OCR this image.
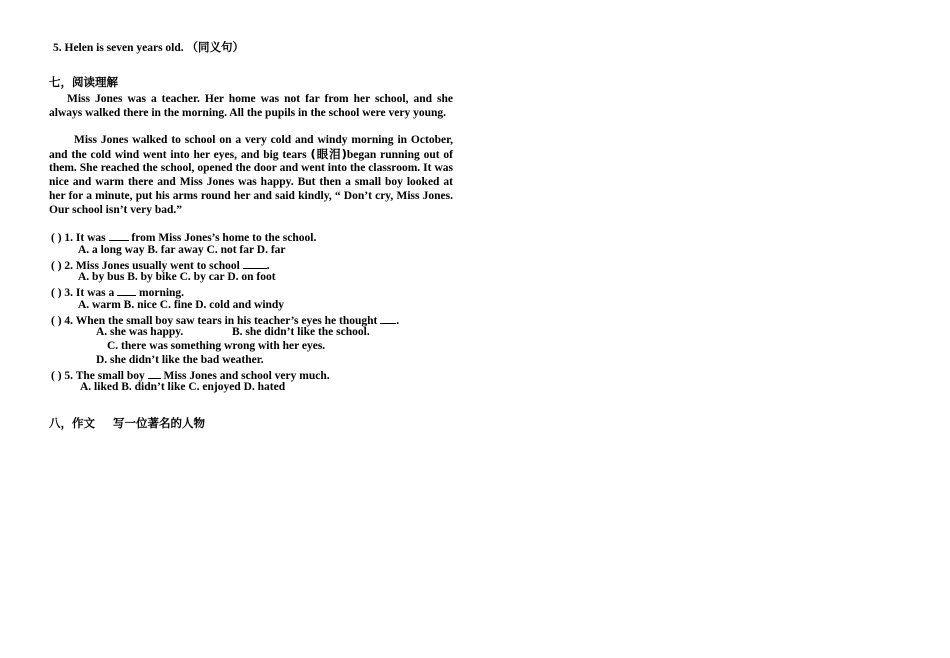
5. Helen is seven years old. （同义句）
七，阅读理解
Miss Jones was a teacher. Her home was not far from her school, and she always walked there in the morning. All the pupils in the school were very young.
Miss Jones walked to school on a very cold and windy morning in October, and the cold wind went into her eyes, and big tears (眼泪)began running out of them. She reached the school, opened the door and went into the classroom. It was nice and warm there and Miss Jones was happy. But then a small boy looked at her for a minute, put his arms round her and said kindly, “ Don’t cry, Miss Jones. Our school isn’t very bad.”
( ) 1. It was from Miss Jones’s home to the school.
A. a long way B. far away C. not far D. far
( ) 2. Miss Jones usually went to school .
A. by bus B. by bike C. by car D. on foot
( ) 3. It was a morning.
A. warm B. nice C. fine D. cold and windy
( ) 4. When the small boy saw tears in his teacher’s eyes he thought .
A. she was happy.	B. she didn’t like the school.
C. there was something wrong with her eyes.
D. she didn’t like the bad weather.
( ) 5. The small boy Miss Jones and school very much.
A. liked B. didn’t like C. enjoyed D. hated
八，作文 写一位著名的人物
